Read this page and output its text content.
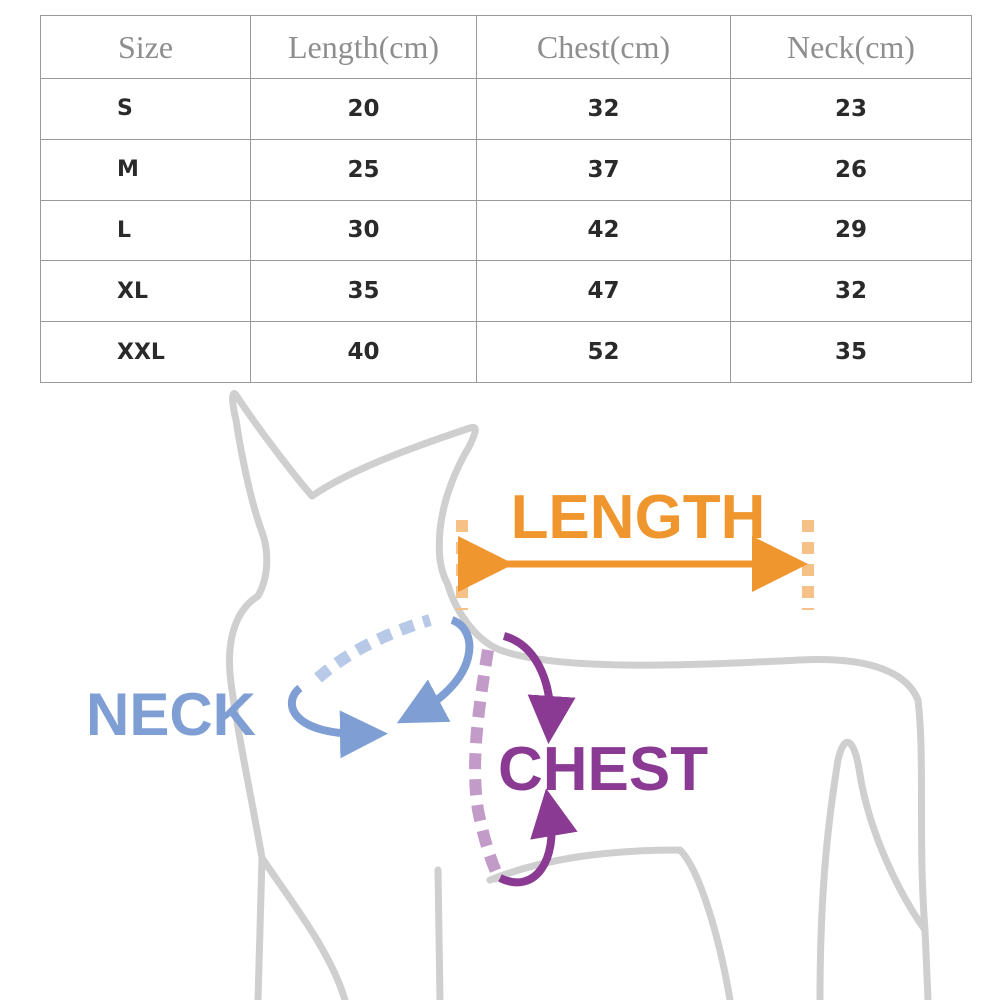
Size	Length(cm)	Chest(cm)	Neck(cm)
S	20	32	23
M	25	37	26
L	30	42	29
XL	35	47	32
XXL	40	52	35
LENGTH
NECK
CHEST
